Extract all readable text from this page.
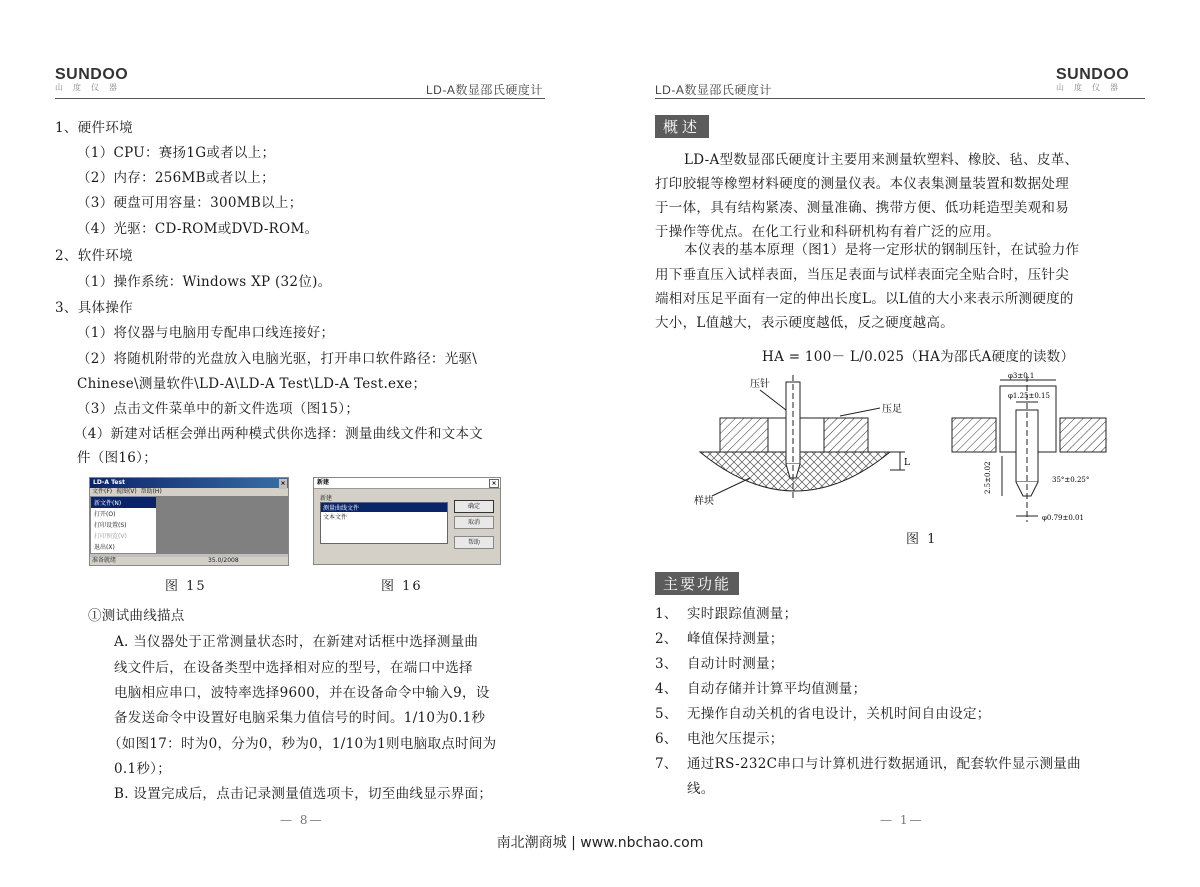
SUNDOO
山度仪器	LD-A数显邵氏硬度计
1、硬件环境
（1）CPU：赛扬1G或者以上；
（2）内存：256MB或者以上；
（3）硬盘可用容量：300MB以上；
（4）光驱：CD-ROM或DVD-ROM。
2、软件环境
（1）操作系统：Windows XP (32位)。
3、具体操作
（1）将仪器与电脑用专配串口线连接好；
（2）将随机附带的光盘放入电脑光驱，打开串口软件路径：光驱\
Chinese\测量软件\LD-A\LD-A Test\LD-A Test.exe；
（3）点击文件菜单中的新文件选项（图15）；
（4）新建对话框会弹出两种模式供你选择：测量曲线文件和文本文
件（图16）；
LD-A Test	×
文件(F) 视图(V) 帮助(H)
新文件(N)
打开(O)
打印设置(S)
打印预览(V)
退出(X)
准备就绪	35.0/2008
图 15
新建	×
新建
测量曲线文件
文本文件
确定
取消
帮助
图 16
①测试曲线描点
A. 当仪器处于正常测量状态时，在新建对话框中选择测量曲
线文件后，在设备类型中选择相对应的型号，在端口中选择
电脑相应串口，波特率选择9600，并在设备命令中输入9，设
备发送命令中设置好电脑采集力值信号的时间。1/10为0.1秒
（如图17：时为0，分为0，秒为0，1/10为1则电脑取点时间为
0.1秒）；
B. 设置完成后，点击记录测量值选项卡，切至曲线显示界面；
— 8—
LD-A数显邵氏硬度计
SUNDOO
山度仪器
概述
LD-A型数显邵氏硬度计主要用来测量软塑料、橡胶、毡、皮革、
打印胶辊等橡塑材料硬度的测量仪表。本仪表集测量装置和数据处理
于一体，具有结构紧凑、测量准确、携带方便、低功耗造型美观和易
于操作等优点。在化工行业和科研机构有着广泛的应用。
本仪表的基本原理（图1）是将一定形状的钢制压针，在试验力作
用下垂直压入试样表面，当压足表面与试样表面完全贴合时，压针尖
端相对压足平面有一定的伸出长度L。以L值的大小来表示所测硬度的
大小，L值越大，表示硬度越低，反之硬度越高。
HA = 100－ L/0.025（HA为邵氏A硬度的读数）
压针
压足
样块
L
φ3±0.1
φ1.25±0.15
35°±0.25°
φ0.79±0.01
2.5±0.02
图 1
主要功能
1、 实时跟踪值测量；
2、 峰值保持测量；
3、 自动计时测量；
4、 自动存储并计算平均值测量；
5、 无操作自动关机的省电设计，关机时间自由设定；
6、 电池欠压提示；
7、 通过RS-232C串口与计算机进行数据通讯，配套软件显示测量曲
线。
— 1—
南北潮商城 | www.nbchao.com
